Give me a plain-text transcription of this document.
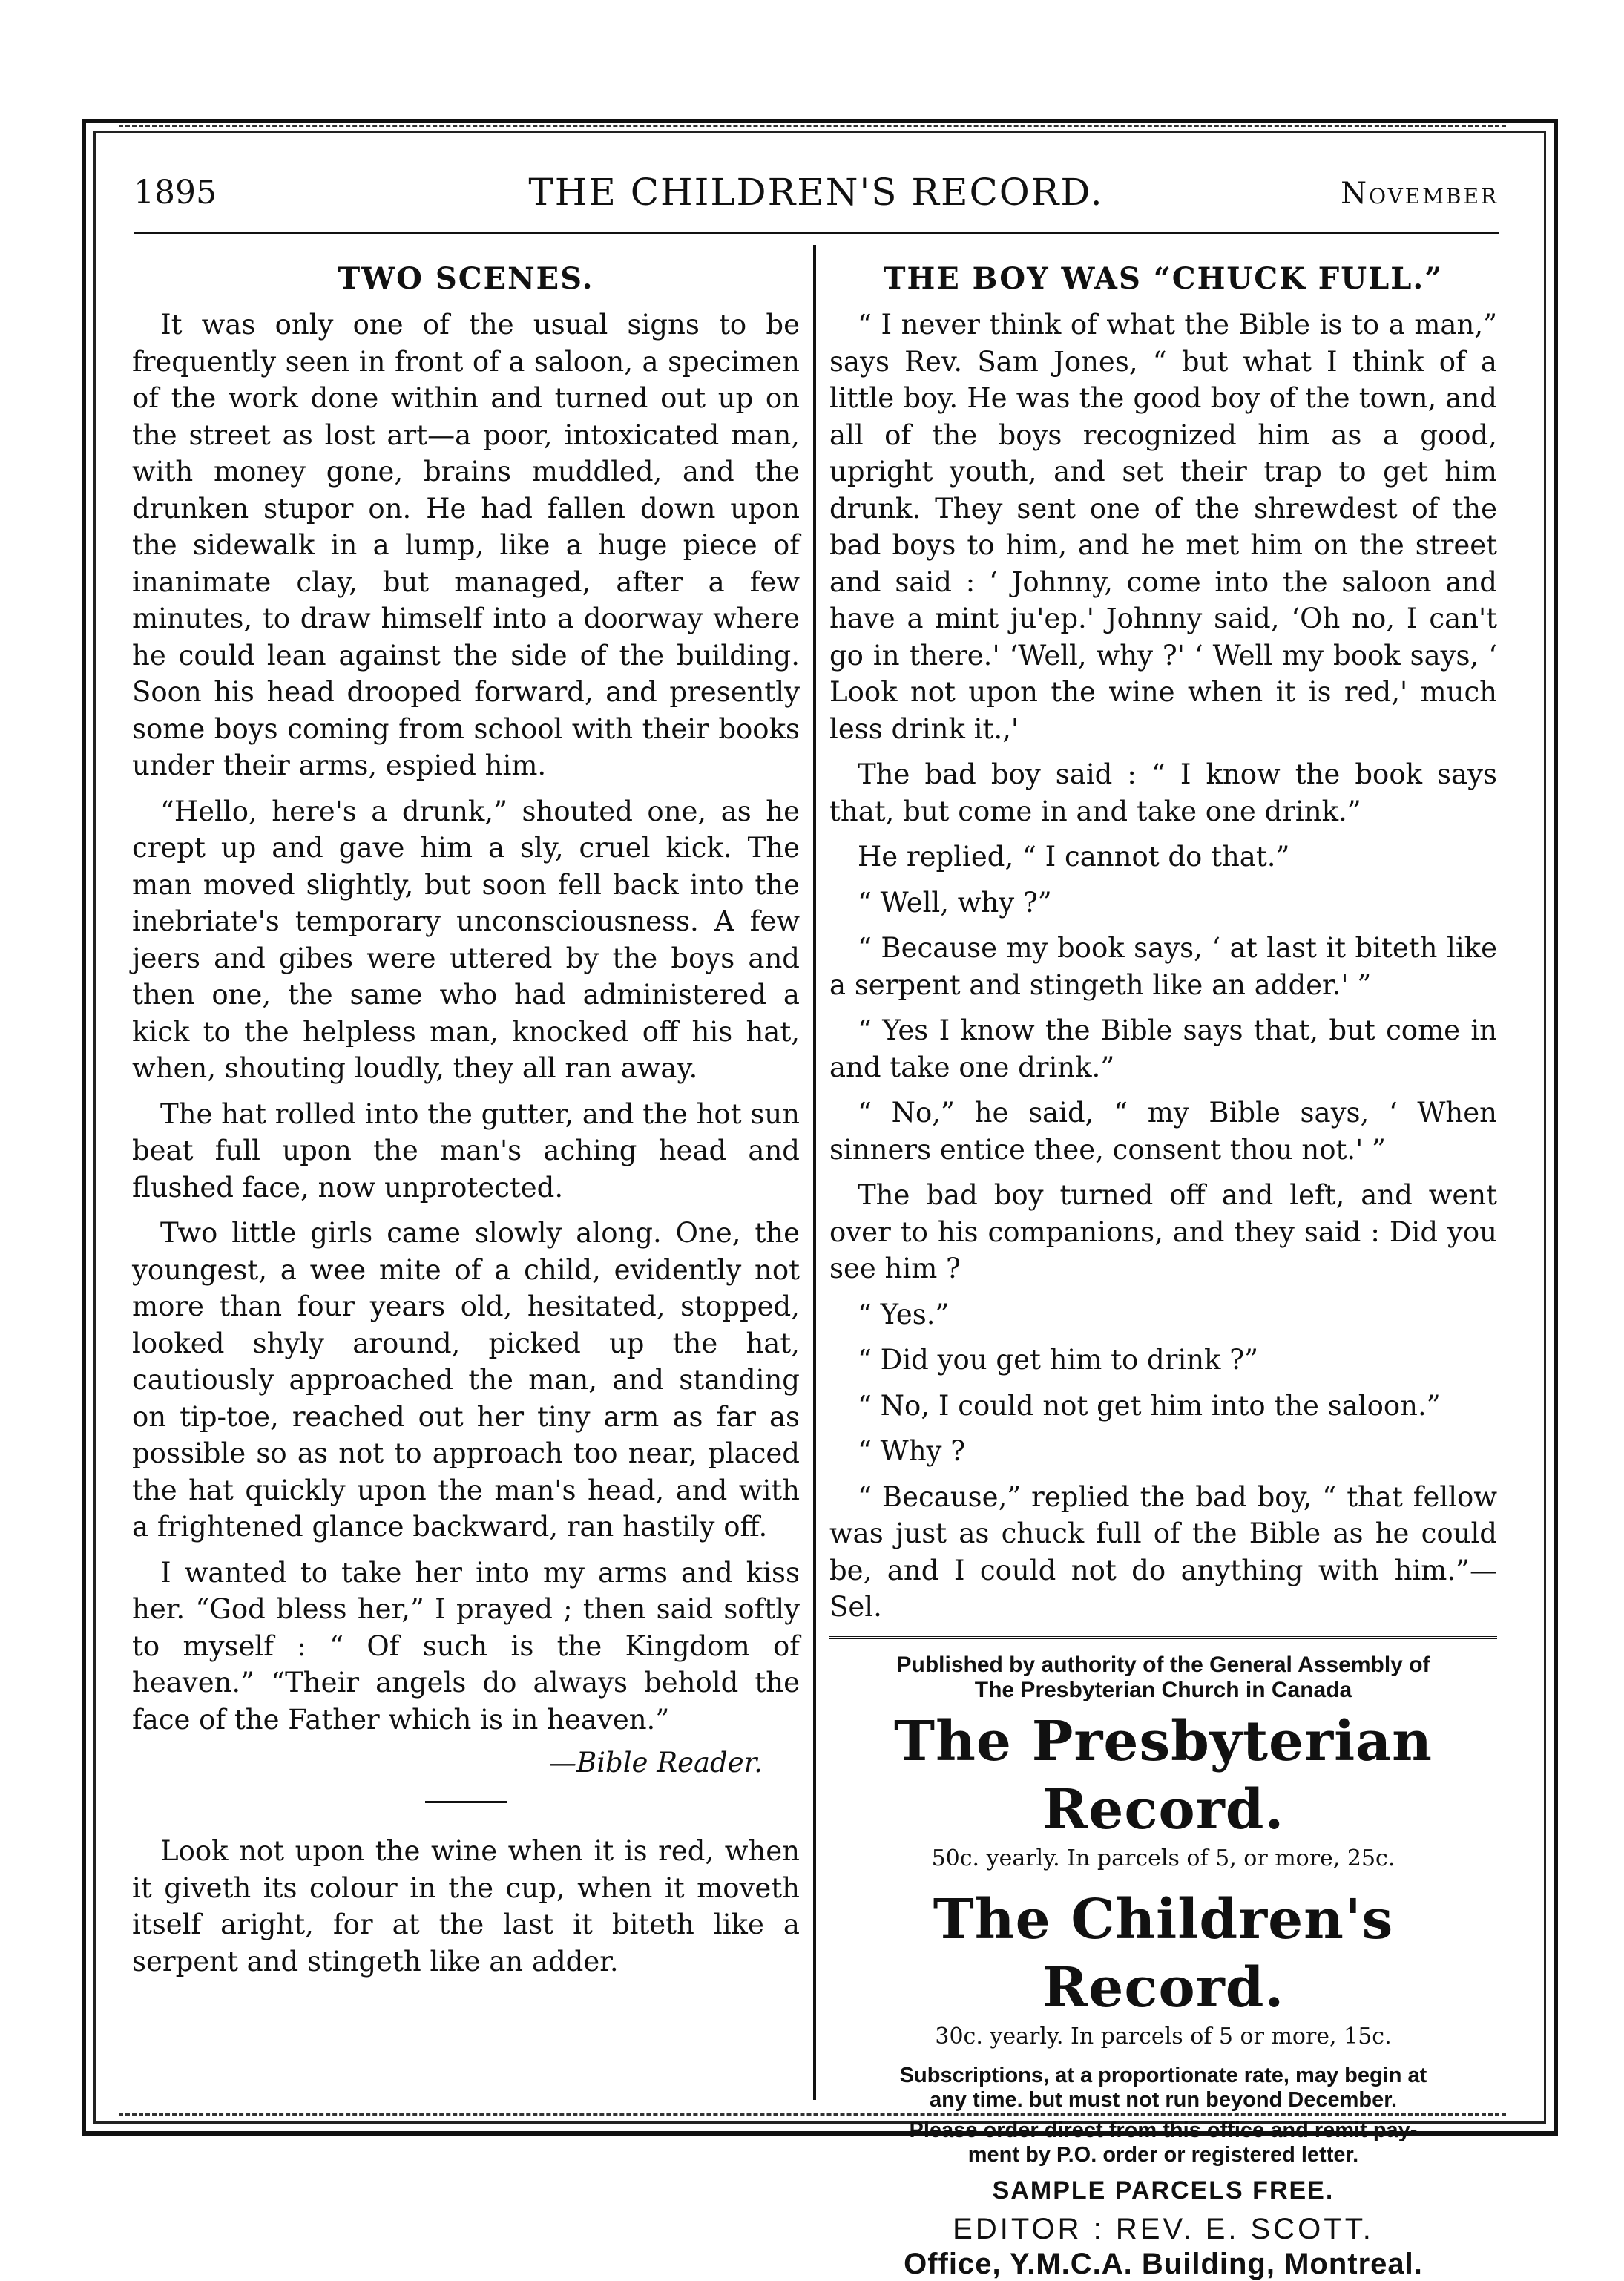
1895	THE CHILDREN'S RECORD.	November
TWO SCENES.

It was only one of the usual signs to be frequently seen in front of a saloon, a specimen of the work done within and turned out up on the street as lost art—a poor, intoxicated man, with money gone, brains muddled, and the drunken stupor on. He had fallen down upon the sidewalk in a lump, like a huge piece of inanimate clay, but managed, after a few minutes, to draw himself into a doorway where he could lean against the side of the building. Soon his head drooped forward, and presently some boys coming from school with their books under their arms, espied him.

“Hello, here's a drunk,” shouted one, as he crept up and gave him a sly, cruel kick. The man moved slightly, but soon fell back into the inebriate's temporary unconsciousness. A few jeers and gibes were uttered by the boys and then one, the same who had administered a kick to the helpless man, knocked off his hat, when, shouting loudly, they all ran away.

The hat rolled into the gutter, and the hot sun beat full upon the man's aching head and flushed face, now unprotected.

Two little girls came slowly along. One, the youngest, a wee mite of a child, evidently not more than four years old, hesitated, stopped, looked shyly around, picked up the hat, cautiously approached the man, and standing on tip-toe, reached out her tiny arm as far as possible so as not to approach too near, placed the hat quickly upon the man's head, and with a frightened glance backward, ran hastily off.

I wanted to take her into my arms and kiss her. “God bless her,” I prayed ; then said softly to myself : “ Of such is the Kingdom of heaven.” “Their angels do always behold the face of the Father which is in heaven.”

—Bible Reader.

Look not upon the wine when it is red, when it giveth its colour in the cup, when it moveth itself aright, for at the last it biteth like a serpent and stingeth like an adder.

THE BOY WAS “CHUCK FULL.”

“ I never think of what the Bible is to a man,” says Rev. Sam Jones, “ but what I think of a little boy. He was the good boy of the town, and all of the boys recognized him as a good, upright youth, and set their trap to get him drunk. They sent one of the shrewdest of the bad boys to him, and he met him on the street and said : ‘ Johnny, come into the saloon and have a mint ju'ep.' Johnny said, ‘Oh no, I can't go in there.' ‘Well, why ?' ‘ Well my book says, ‘ Look not upon the wine when it is red,' much less drink it.,'

The bad boy said : “ I know the book says that, but come in and take one drink.”

He replied, “ I cannot do that.”

“ Well, why ?”

“ Because my book says, ‘ at last it biteth like a serpent and stingeth like an adder.' ”

“ Yes I know the Bible says that, but come in and take one drink.”

“ No,” he said, “ my Bible says, ‘ When sinners entice thee, consent thou not.' ”

The bad boy turned off and left, and went over to his companions, and they said : Did you see him ?

“ Yes.”

“ Did you get him to drink ?”

“ No, I could not get him into the saloon.”

“ Why ?

“ Because,” replied the bad boy, “ that fellow was just as chuck full of the Bible as he could be, and I could not do anything with him.”—Sel.

Published by authority of the General Assembly of
The Presbyterian Church in Canada
The Presbyterian Record.
50c. yearly. In parcels of 5, or more, 25c.
The Children's Record.
30c. yearly. In parcels of 5 or more, 15c.
Subscriptions, at a proportionate rate, may begin at
any time. but must not run beyond December.
Please order direct from this office and remit pay-
ment by P.O. order or registered letter.
SAMPLE PARCELS FREE.
EDITOR : REV. E. SCOTT.
Office, Y.M.C.A. Building, Montreal.
